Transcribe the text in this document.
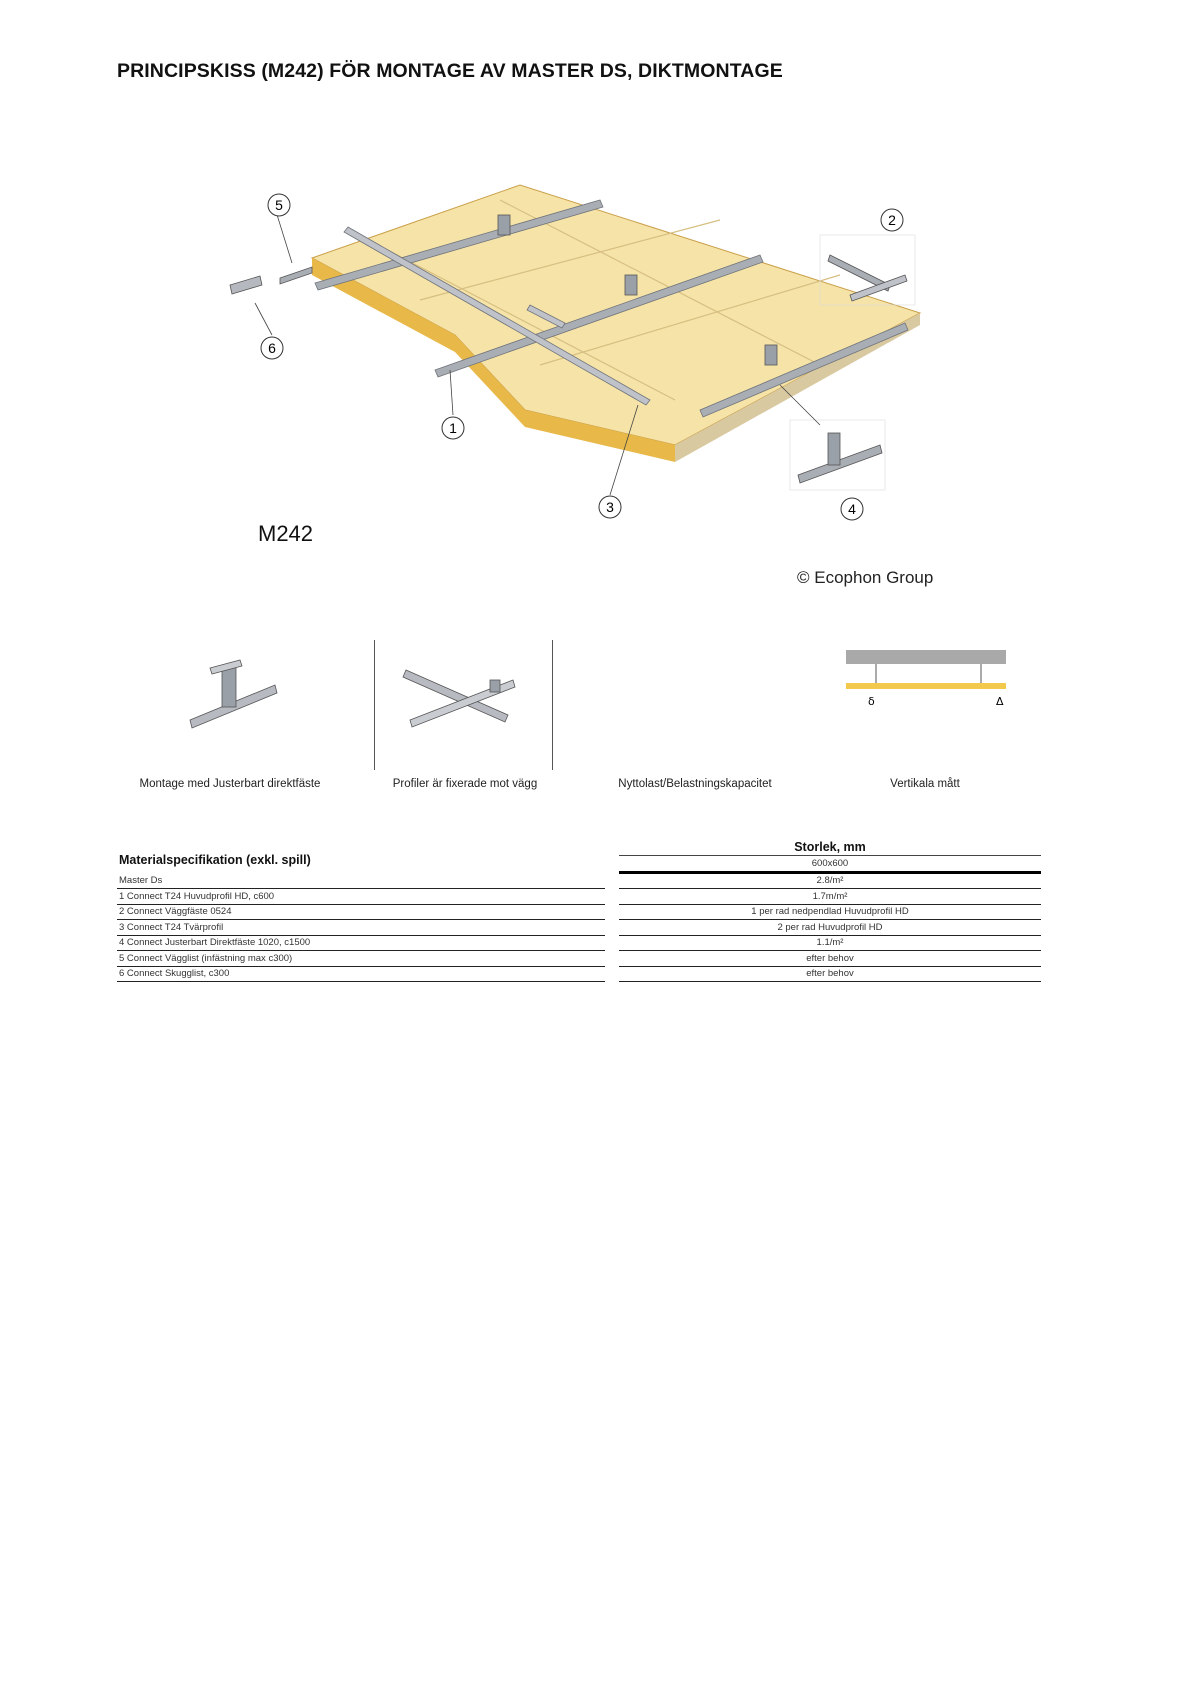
PRINCIPSKISS (M242) FÖR MONTAGE AV MASTER DS, DIKTMONTAGE
5
6
2
1
3	4
M242
© Ecophon Group
δ	Δ
Montage med Justerbart direktfäste	Profiler är fixerade mot vägg	Nyttolast/Belastningskapacitet	Vertikala mått
Materialspecifikation (exkl. spill)		Storlek, mm
		600x600
Master Ds		2.8/m²
1 Connect T24 Huvudprofil HD, c600		1.7m/m²
2 Connect Väggfäste 0524		1 per rad nedpendlad Huvudprofil HD
3 Connect T24 Tvärprofil		2 per rad Huvudprofil HD
4 Connect Justerbart Direktfäste 1020, c1500		1.1/m²
5 Connect Vägglist (infästning max c300)		efter behov
6 Connect Skugglist, c300		efter behov
